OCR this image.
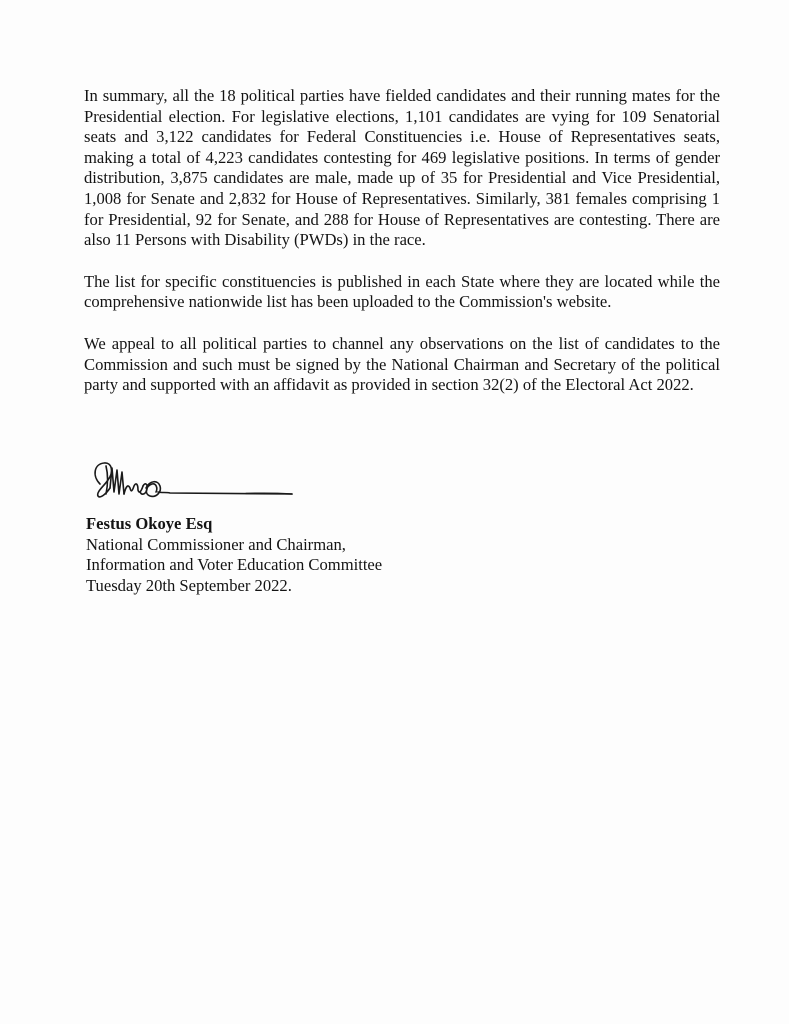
In summary, all the 18 political parties have fielded candidates and their running mates for the Presidential election. For legislative elections, 1,101 candidates are vying for 109 Senatorial seats and 3,122 candidates for Federal Constituencies i.e. House of Representatives seats, making a total of 4,223 candidates contesting for 469 legislative positions. In terms of gender distribution, 3,875 candidates are male, made up of 35 for Presidential and Vice Presidential, 1,008 for Senate and 2,832 for House of Representatives. Similarly, 381 females comprising 1 for Presidential, 92 for Senate, and 288 for House of Representatives are contesting. There are also 11 Persons with Disability (PWDs) in the race.

The list for specific constituencies is published in each State where they are located while the comprehensive nationwide list has been uploaded to the Commission's website.

We appeal to all political parties to channel any observations on the list of candidates to the Commission and such must be signed by the National Chairman and Secretary of the political party and supported with an affidavit as provided in section 32(2) of the Electoral Act 2022.

Festus Okoye Esq
National Commissioner and Chairman,
Information and Voter Education Committee
Tuesday 20th September 2022.
